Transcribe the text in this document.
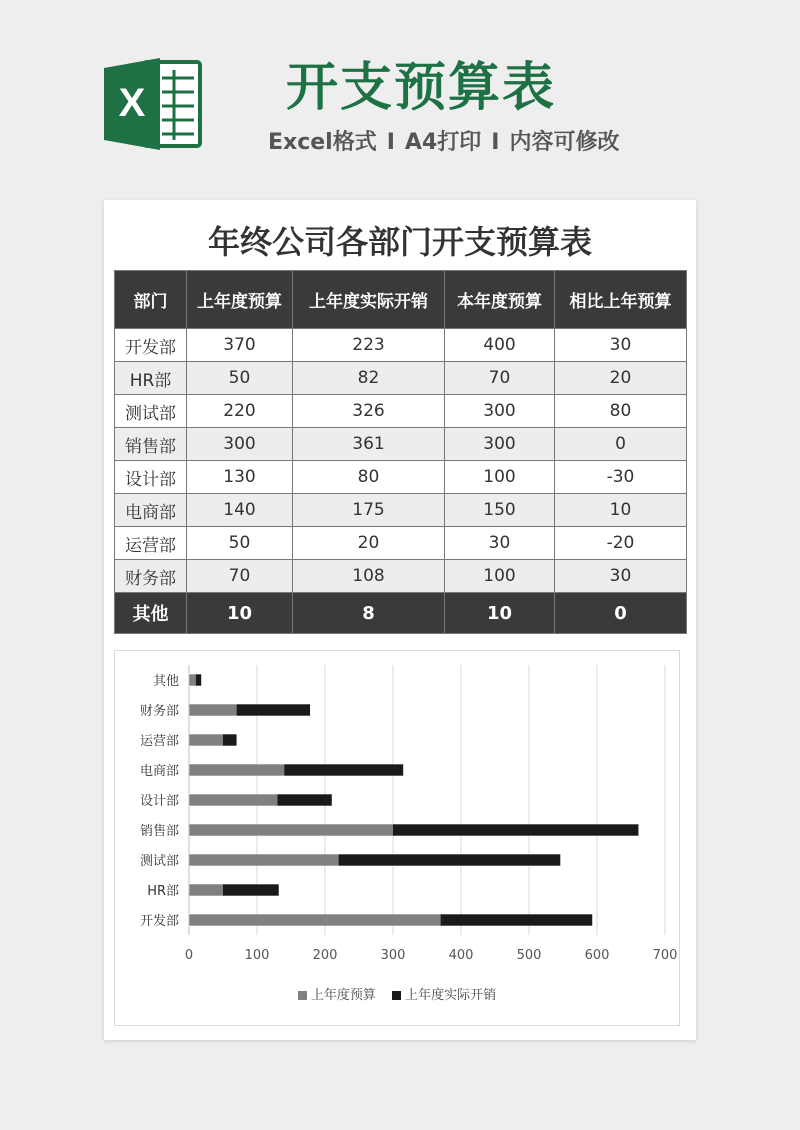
X	开支预算表
Excel格式 I A4打印 I 内容可修改
年终公司各部门开支预算表
部门	上年度预算	上年度实际开销	本年度预算	相比上年预算
开发部	370	223	400	30
HR部	50	82	70	20
测试部	220	326	300	80
销售部	300	361	300	0
设计部	130	80	100	-30
电商部	140	175	150	10
运营部	50	20	30	-20
财务部	70	108	100	30
其他	10	8	10	0
0	100	200	300	400	500	600	700
开发部
HR部
测试部
销售部
设计部
电商部
运营部
财务部
其他
上年度预算 上年度实际开销
